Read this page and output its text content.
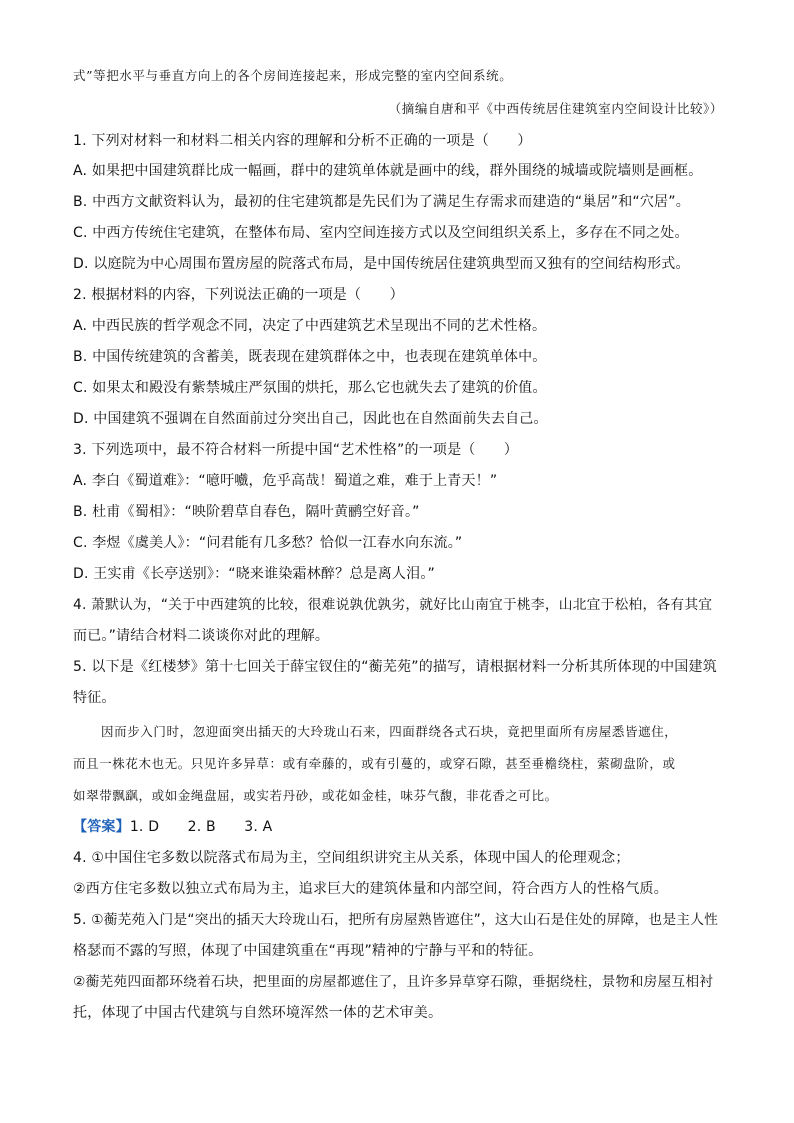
式”等把水平与垂直方向上的各个房间连接起来，形成完整的室内空间系统。
（摘编自唐和平《中西传统居住建筑室内空间设计比较》）
1. 下列对材料一和材料二相关内容的理解和分析不正确的一项是（　　）
A. 如果把中国建筑群比成一幅画，群中的建筑单体就是画中的线，群外围绕的城墙或院墙则是画框。
B. 中西方文献资料认为，最初的住宅建筑都是先民们为了满足生存需求而建造的“巢居”和“穴居”。
C. 中西方传统住宅建筑，在整体布局、室内空间连接方式以及空间组织关系上，多存在不同之处。
D. 以庭院为中心周围布置房屋的院落式布局，是中国传统居住建筑典型而又独有的空间结构形式。
2. 根据材料的内容，下列说法正确的一项是（　　）
A. 中西民族的哲学观念不同，决定了中西建筑艺术呈现出不同的艺术性格。
B. 中国传统建筑的含蓄美，既表现在建筑群体之中，也表现在建筑单体中。
C. 如果太和殿没有紫禁城庄严氛围的烘托，那么它也就失去了建筑的价值。
D. 中国建筑不强调在自然面前过分突出自己，因此也在自然面前失去自己。
3. 下列选项中，最不符合材料一所提中国“艺术性格”的一项是（　　）
A. 李白《蜀道难》：“噫吁嚱，危乎高哉！蜀道之难，难于上青天！”
B. 杜甫《蜀相》：“映阶碧草自春色，隔叶黄鹂空好音。”
C. 李煜《虞美人》：“问君能有几多愁？恰似一江春水向东流。”
D. 王实甫《长亭送别》：“晓来谁染霜林醉？总是离人泪。”
4. 萧默认为，“关于中西建筑的比较，很难说孰优孰劣，就好比山南宜于桃李，山北宜于松柏，各有其宜
而已。”请结合材料二谈谈你对此的理解。
5. 以下是《红楼梦》第十七回关于薛宝钗住的“蘅芜苑”的描写，请根据材料一分析其所体现的中国建筑
特征。
因而步入门时，忽迎面突出插天的大玲珑山石来，四面群绕各式石块，竟把里面所有房屋悉皆遮住，
而且一株花木也无。只见许多异草：或有牵藤的，或有引蔓的，或穿石隙，甚至垂檐绕柱，萦砌盘阶，或
如翠带飘飖，或如金绳盘屈，或实若丹砂，或花如金桂，味芬气馥，非花香之可比。
【答案】1. D　　2. B　　3. A
4. ①中国住宅多数以院落式布局为主，空间组织讲究主从关系，体现中国人的伦理观念；
②西方住宅多数以独立式布局为主，追求巨大的建筑体量和内部空间，符合西方人的性格气质。
5. ①蘅芜苑入门是“突出的插天大玲珑山石，把所有房屋熟皆遮住”，这大山石是住处的屏障，也是主人性
格瑟而不露的写照，体现了中国建筑重在“再现”精神的宁静与平和的特征。
②蘅芜苑四面都环绕着石块，把里面的房屋都遮住了，且许多异草穿石隙，垂据绕柱，景物和房屋互相衬
托，体现了中国古代建筑与自然环境浑然一体的艺术审美。
